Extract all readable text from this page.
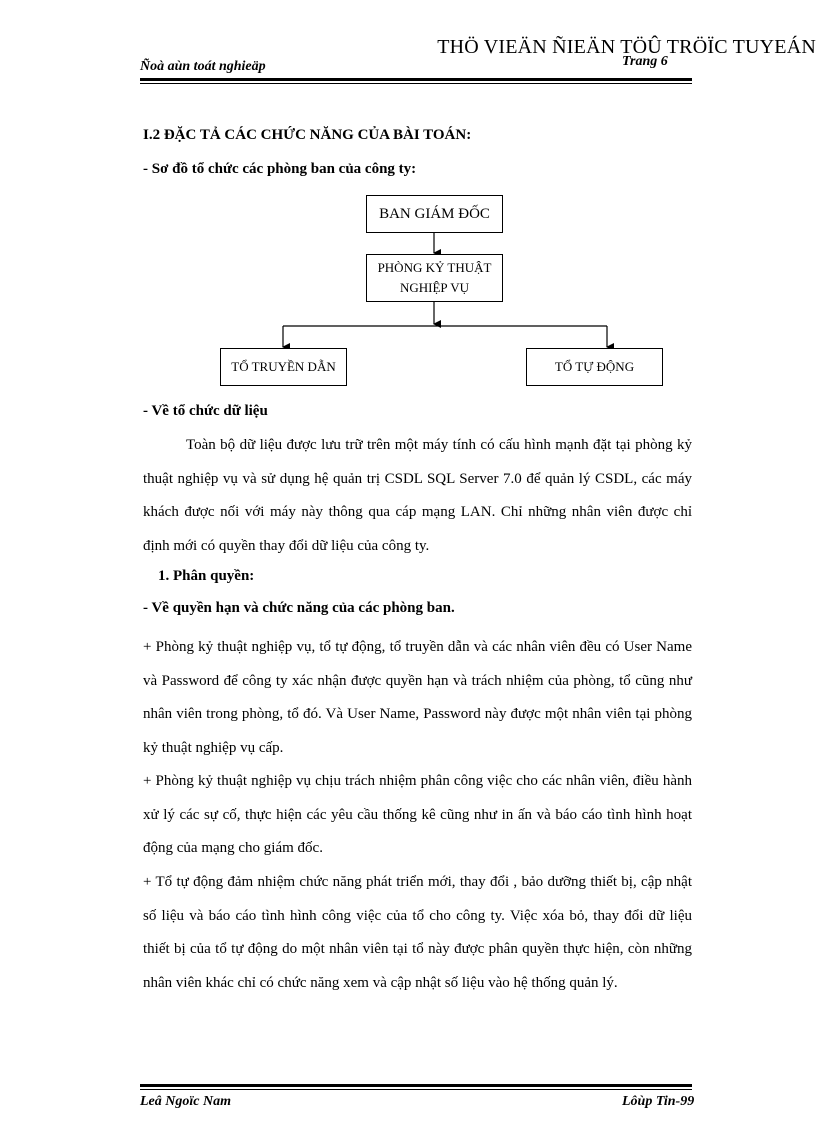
THÖ VIEÄN ÑIEÄN TÖÛ TRÖÏC TUYEÁN
Ñoà aùn toát nghieäp	Trang 6
I.2 ĐẶC TẢ CÁC CHỨC NĂNG CỦA BÀI TOÁN:
- Sơ đồ tổ chức các phòng ban của công ty:
BAN GIÁM ĐỐC
PHÒNG KỶ THUẬT
NGHIỆP VỤ
TỔ TRUYỀN DẪN	TỔ TỰ ĐỘNG
- Về tổ chức dữ liệu

Toàn bộ dữ liệu được lưu trữ trên một máy tính có cấu hình mạnh đặt tại phòng kỷ thuật nghiệp vụ và sử dụng hệ quản trị CSDL SQL Server 7.0 để quản lý CSDL, các máy khách được nối với máy này thông qua cáp mạng LAN. Chỉ những nhân viên được chỉ định mới có quyền thay đổi dữ liệu của công ty.

1. Phân quyền:
- Về quyền hạn và chức năng của các phòng ban.

+ Phòng kỷ thuật nghiệp vụ, tổ tự động, tổ truyền dẫn và các nhân viên đều có User Name và Password để công ty xác nhận được quyền hạn và trách nhiệm của phòng, tổ cũng như nhân viên trong phòng, tổ đó. Và User Name, Password này được một nhân viên tại phòng kỷ thuật nghiệp vụ cấp.

+ Phòng kỷ thuật nghiệp vụ chịu trách nhiệm phân công việc cho các nhân viên, điều hành xử lý các sự cố, thực hiện các yêu cầu thống kê cũng như in ấn và báo cáo tình hình hoạt động của mạng cho giám đốc.

+ Tổ tự động đảm nhiệm chức năng phát triển mới, thay đổi , bảo dưỡng thiết bị, cập nhật số liệu và báo cáo tình hình công việc của tổ cho công ty. Việc xóa bỏ, thay đổi dữ liệu thiết bị của tổ tự động do một nhân viên tại tổ này được phân quyền thực hiện, còn những nhân viên khác chỉ có chức năng xem và cập nhật số liệu vào hệ thống quản lý.

Leâ Ngoïc Nam	Lôùp Tin-99
